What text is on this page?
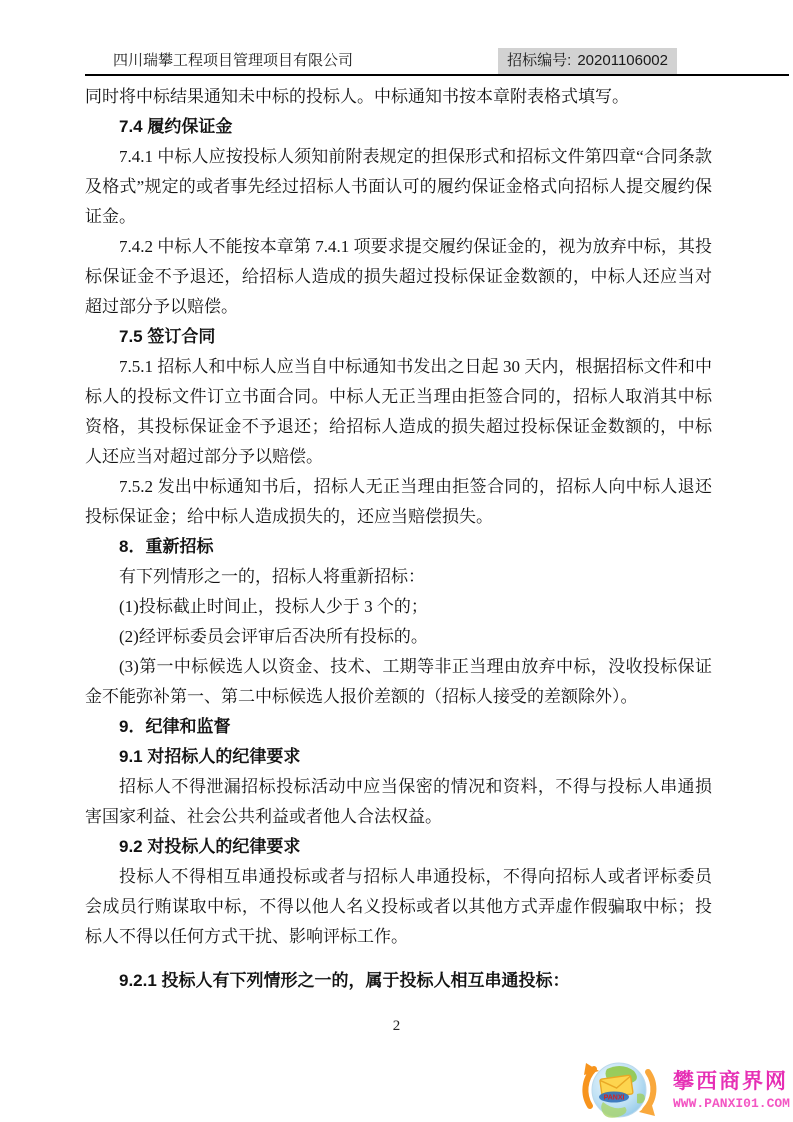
四川瑞攀工程项目管理项目有限公司	招标编号: 20201106002

同时将中标结果通知未中标的投标人。中标通知书按本章附表格式填写。

7.4 履约保证金

7.4.1 中标人应按投标人须知前附表规定的担保形式和招标文件第四章“合同条款及格式”规定的或者事先经过招标人书面认可的履约保证金格式向招标人提交履约保证金。

7.4.2 中标人不能按本章第 7.4.1 项要求提交履约保证金的，视为放弃中标，其投标保证金不予退还，给招标人造成的损失超过投标保证金数额的，中标人还应当对超过部分予以赔偿。

7.5 签订合同

7.5.1 招标人和中标人应当自中标通知书发出之日起 30 天内，根据招标文件和中标人的投标文件订立书面合同。中标人无正当理由拒签合同的，招标人取消其中标资格，其投标保证金不予退还；给招标人造成的损失超过投标保证金数额的，中标人还应当对超过部分予以赔偿。

7.5.2 发出中标通知书后，招标人无正当理由拒签合同的，招标人向中标人退还投标保证金；给中标人造成损失的，还应当赔偿损失。

8．重新招标

有下列情形之一的，招标人将重新招标：

(1)投标截止时间止，投标人少于 3 个的；

(2)经评标委员会评审后否决所有投标的。

(3)第一中标候选人以资金、技术、工期等非正当理由放弃中标，没收投标保证金不能弥补第一、第二中标候选人报价差额的（招标人接受的差额除外）。

9．纪律和监督

9.1 对招标人的纪律要求

招标人不得泄漏招标投标活动中应当保密的情况和资料，不得与投标人串通损害国家利益、社会公共利益或者他人合法权益。

9.2 对投标人的纪律要求

投标人不得相互串通投标或者与招标人串通投标，不得向招标人或者评标委员会成员行贿谋取中标，不得以他人名义投标或者以其他方式弄虚作假骗取中标；投标人不得以任何方式干扰、影响评标工作。

9.2.1 投标人有下列情形之一的，属于投标人相互串通投标：

2
PANXI
攀西商界网
WWW.PANXI01.COM
